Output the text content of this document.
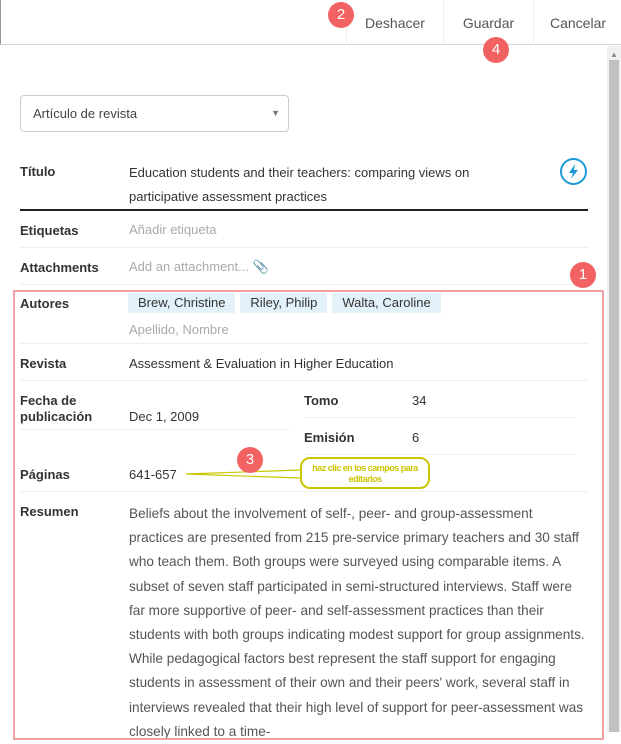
Deshacer	Guardar	Cancelar
▲
Artículo de revista	▼
Título	Education students and their teachers: comparing views on participative assessment practices
Etiquetas	Añadir etiqueta
Attachments Add an attachment... 📎
Autores	Brew, Christine Riley, Philip Walta, Caroline
Apellido, Nombre
Revista	Assessment & Evaluation in Higher Education
Fecha de publicación	Dec 1, 2009
Tomo	34
Emisión	6
Páginas	641-657
Resumen	Beliefs about the involvement of self-, peer- and group-assessment practices are presented from 215 pre-service primary teachers and 30 staff who teach them. Both groups were surveyed using comparable items. A subset of seven staff participated in semi-structured interviews. Staff were far more supportive of peer- and self-assessment practices than their students with both groups indicating modest support for group assignments. While pedagogical factors best represent the staff support for engaging students in assessment of their own and their peers' work, several staff in interviews revealed that their high level of support for peer-assessment was closely linked to a time-
haz clic en los campos para editarlos
1
2
3
4
